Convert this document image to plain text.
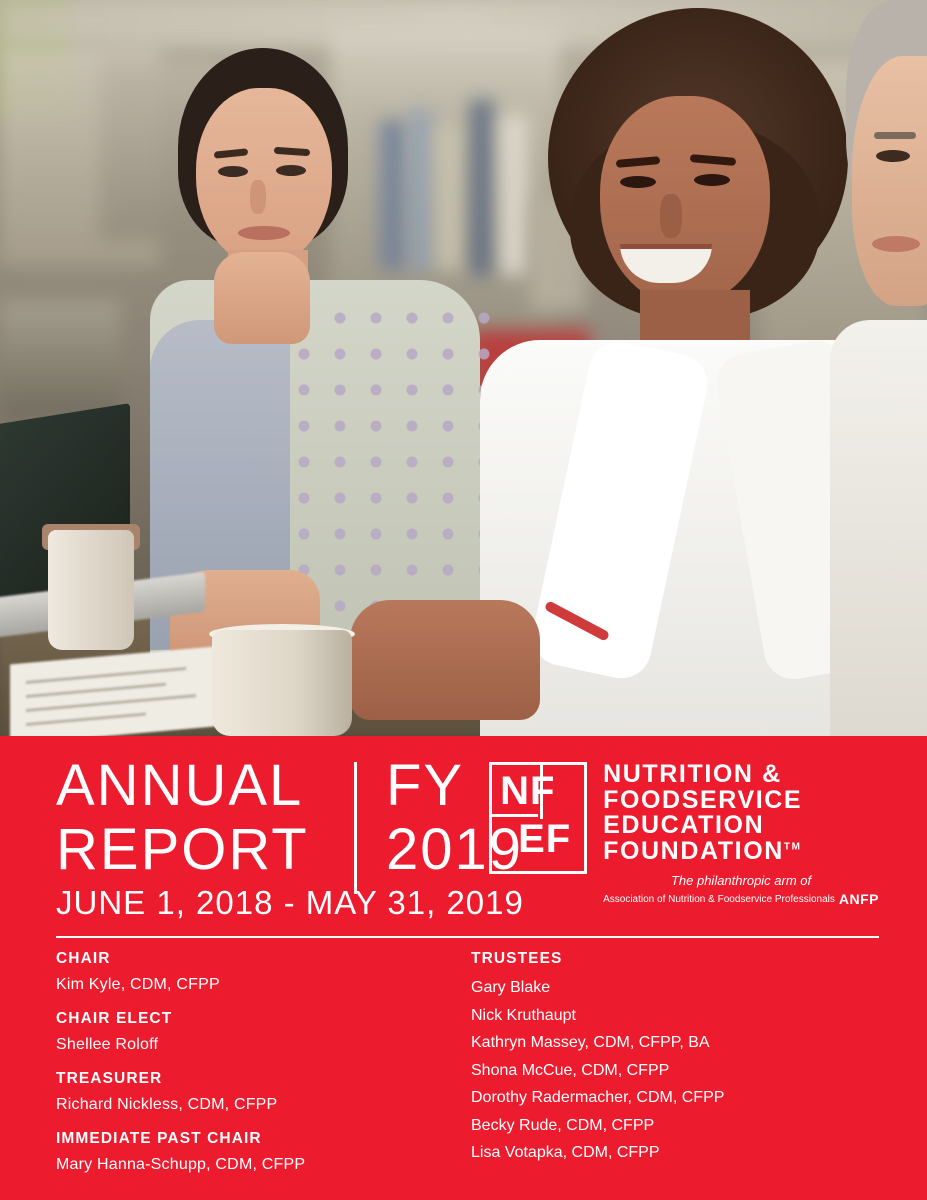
ANNUAL
REPORT
FY
2019
JUNE 1, 2018 - MAY 31, 2019
NF
EF
NUTRITION &
FOODSERVICE
EDUCATION
FOUNDATION™
The philanthropic arm of
Association of Nutrition & Foodservice Professionals ANFP
CHAIR
Kim Kyle, CDM, CFPP
CHAIR ELECT
Shellee Roloff
TREASURER
Richard Nickless, CDM, CFPP
IMMEDIATE PAST CHAIR
Mary Hanna-Schupp, CDM, CFPP
TRUSTEES
Gary Blake
Nick Kruthaupt
Kathryn Massey, CDM, CFPP, BA
Shona McCue, CDM, CFPP
Dorothy Radermacher, CDM, CFPP
Becky Rude, CDM, CFPP
Lisa Votapka, CDM, CFPP
